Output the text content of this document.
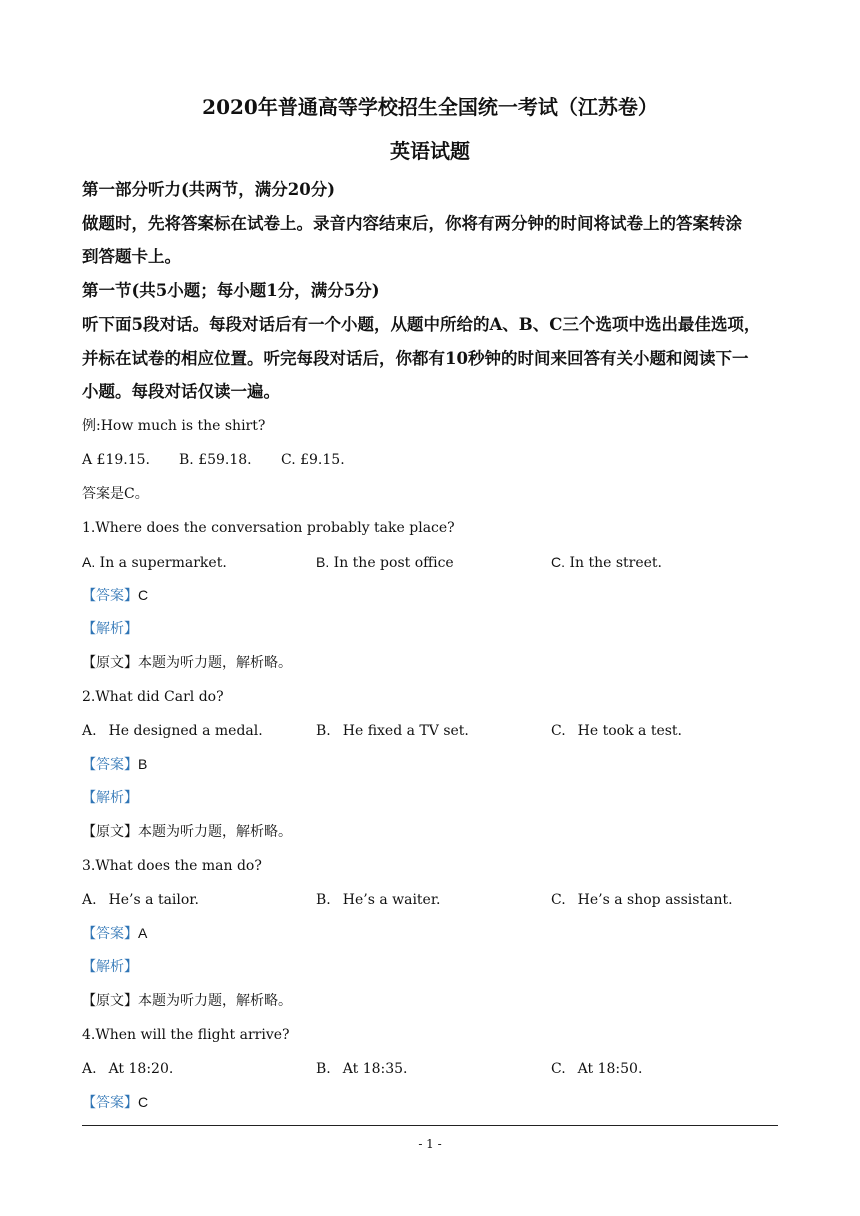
2020年普通高等学校招生全国统一考试（江苏卷）
英语试题
第一部分听力(共两节，满分20分)
做题时，先将答案标在试卷上。录音内容结束后，你将有两分钟的时间将试卷上的答案转涂
到答题卡上。
第一节(共5小题；每小题1分，满分5分)
听下面5段对话。每段对话后有一个小题，从题中所给的A、B、C三个选项中选出最佳选项，
并标在试卷的相应位置。听完每段对话后，你都有10秒钟的时间来回答有关小题和阅读下一
小题。每段对话仅读一遍。
例:How much is the shirt?
A £19.15. B. £59.18. C. £9.15.
答案是C。
1.Where does the conversation probably take place?
A. In a supermarket.	B. In the post office	C. In the street.
【答案】C
【解析】
【原文】本题为听力题，解析略。
2.What did Carl do?
A. He designed a medal.	B. He fixed a TV set.	C. He took a test.
【答案】B
【解析】
【原文】本题为听力题，解析略。
3.What does the man do?
A. He’s a tailor.	B. He’s a waiter.	C. He’s a shop assistant.
【答案】A
【解析】
【原文】本题为听力题，解析略。
4.When will the flight arrive?
A. At 18:20.	B. At 18:35.	C. At 18:50.
【答案】C
- 1 -
